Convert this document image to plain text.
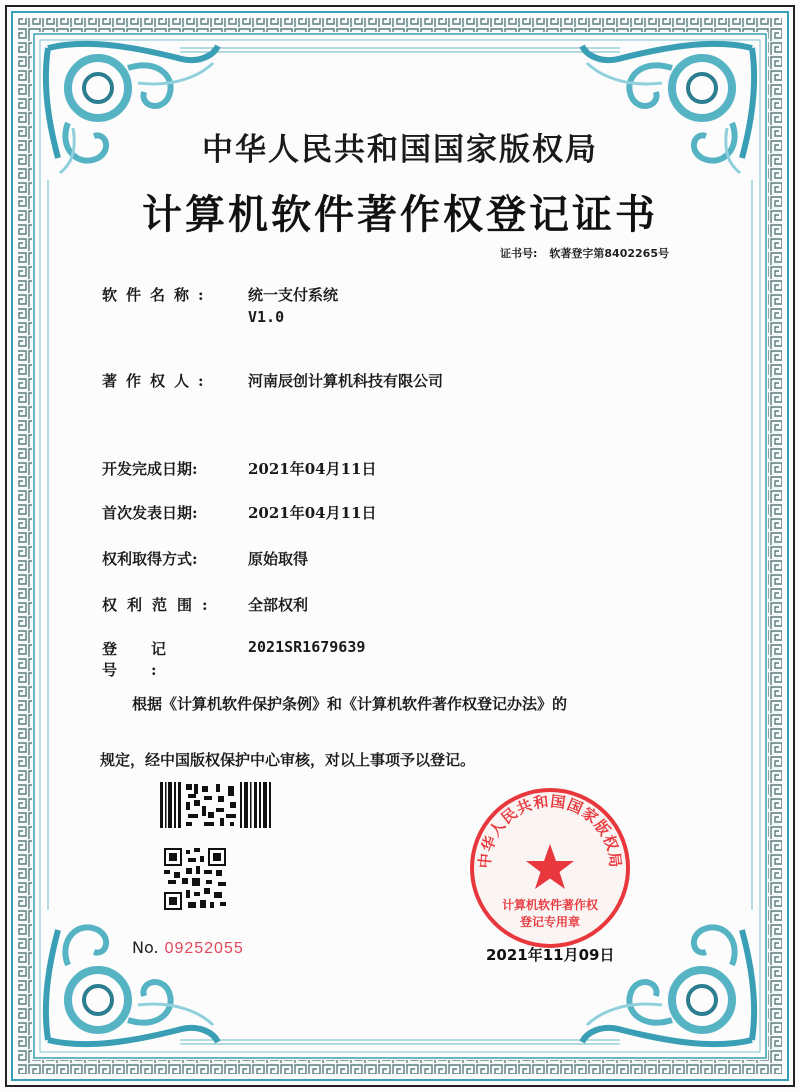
中华人民共和国国家版权局
计算机软件著作权登记证书
证书号: 软著登字第8402265号
软件名称: 统一支付系统
V1.0
著作权人: 河南辰创计算机科技有限公司
开发完成日期:	2021年04月11日
首次发表日期:	2021年04月11日
权利取得方式:	原始取得
权利范围: 全部权利
登记号:
2021SR1679639
根据《计算机软件保护条例》和《计算机软件著作权登记办法》的
规定，经中国版权保护中心审核，对以上事项予以登记。
No. 09252055
中华人民共和国国家版权局
计算机软件著作权
登记专用章
2021年11月09日
